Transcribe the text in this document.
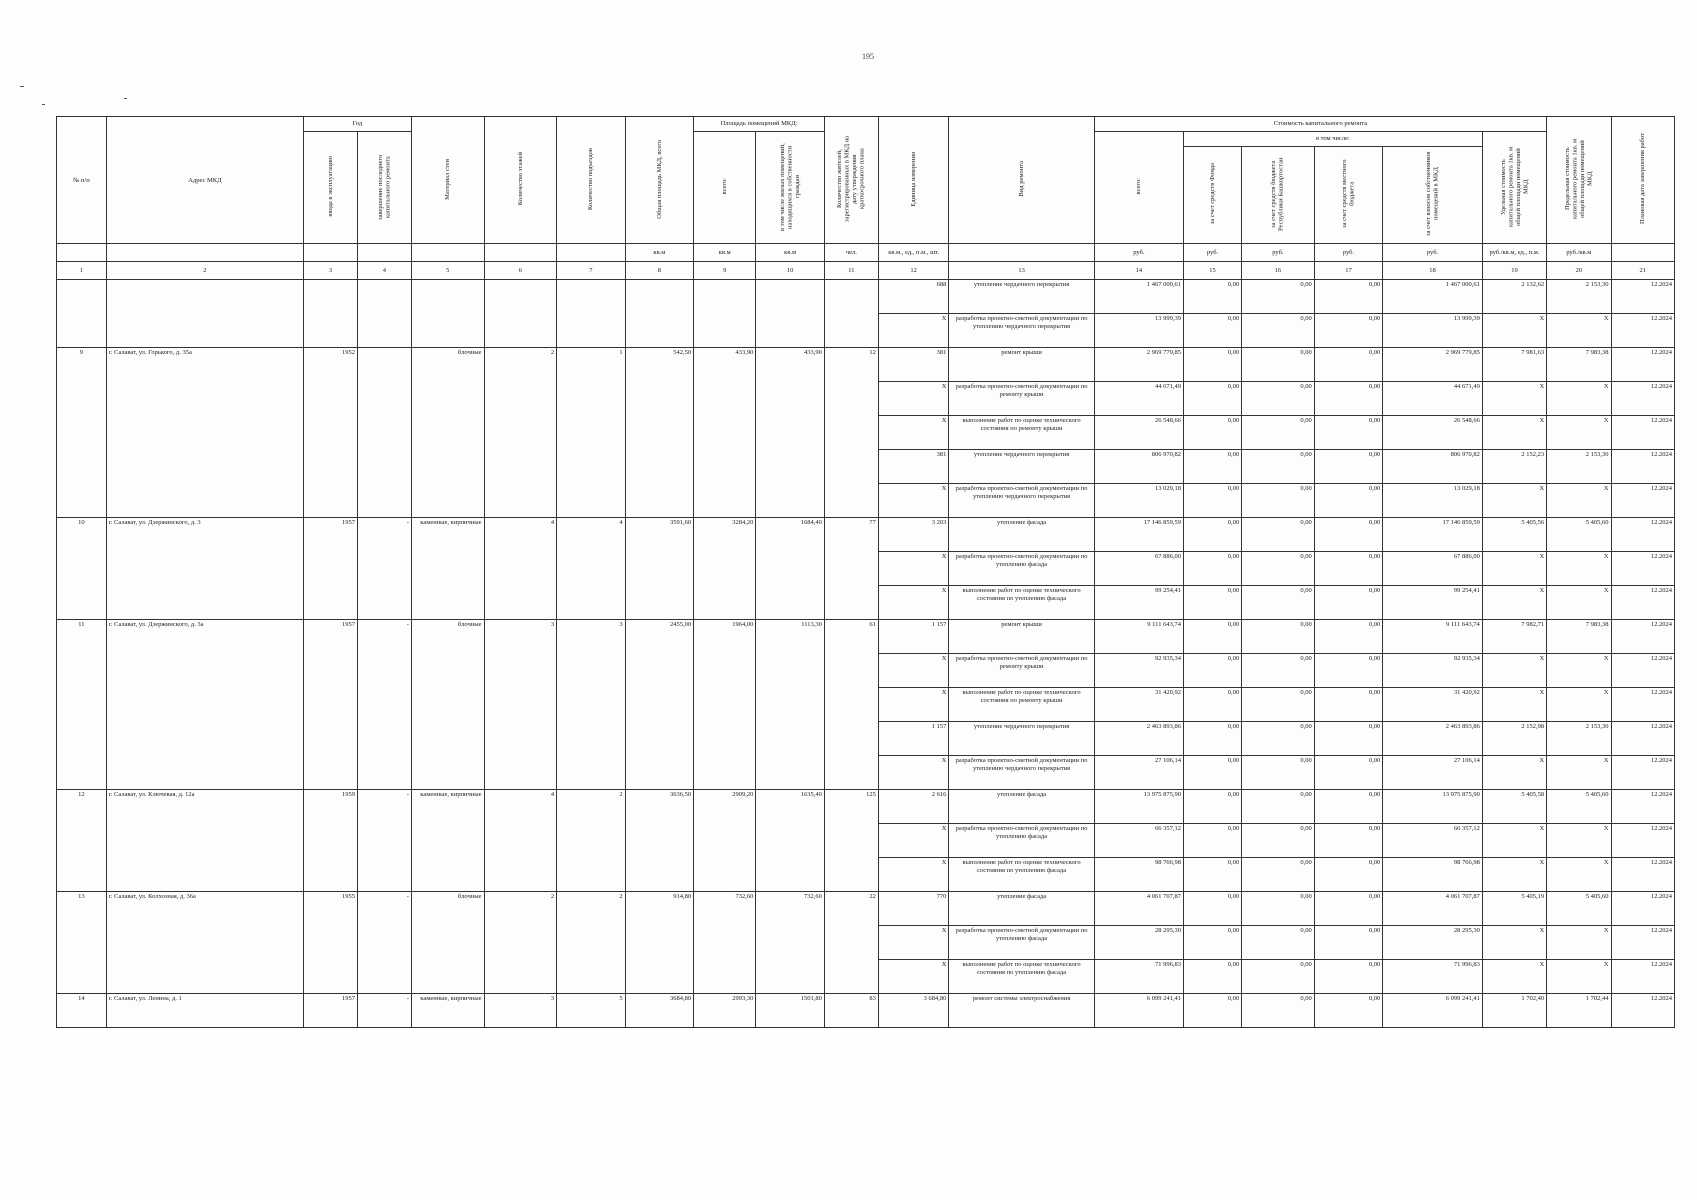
195
№ п/п	Адрес МКД	Год		Материал стен	Количество этажей	Количество подъездов	Общая площадь МКД, всего	Площадь помещений МКД:		Количество жителей, зарегистрированных в МКД на дату утверждения краткосрочного плана	Единица измерения	Вид ремонта	Стоимость капитального ремонта						Предельная стоимость капитального ремонта 1кв. м общей площади помещений МКД	Плановая дата завершения работ
		ввода в эксплуатацию	завершение последнего капитального ремонта					всего:	в том числе жилых помещений, находящихся в собственности граждан				всего:	в том числе:				Удельная стоимость капитального ремонта 1кв. м общей площади помещений МКД		
														за счет средств Фонда	за счет средств бюджета Республики Башкортостан	за счет средств местного бюджета	за счет взносов собственников помещений в МКД			
							кв.м	кв.м	кв.м	чел.	кв.м., ед., п.м., шт.		руб.	руб.	руб.	руб.	руб.	руб./кв.м, ед., п.м.	руб./кв.м	
1	2	3	4	5	6	7	8	9	10	11	12	13	14	15	16	17	18	19	20	21
											688	утепление чердачного перекрытия	1 467 000,61	0,00	0,00	0,00	1 467 000,61	2 132,62	2 153,30	12.2024
											X	разработка проектно-сметной документации по утеплению чердачного перекрытия	13 999,39	0,00	0,00	0,00	13 999,39	X	X	12.2024
9	г. Салават, ул. Горького, д. 35а	1952		блочные	2	1	542,50	433,90	433,90	12	381	ремонт крыши	2 969 779,85	0,00	0,00	0,00	2 969 779,85	7 981,63	7 983,38	12.2024
											X	разработка проектно-сметной документации по ремонту крыши	44 671,49	0,00	0,00	0,00	44 671,49	X	X	12.2024
											X	выполнение работ по оценке технического состояния по ремонту крыши	26 548,66	0,00	0,00	0,00	26 548,66	X	X	12.2024
											381	утепление чердачного перекрытия	806 970,82	0,00	0,00	0,00	806 970,82	2 152,23	2 153,30	12.2024
											X	разработка проектно-сметной документации по утеплению чердачного перекрытия	13 029,18	0,00	0,00	0,00	13 029,18	X	X	12.2024
10	г. Салават, ул. Дзержинского, д. 3	1957	-	каменные, кирпичные	4	4	3591,60	3284,20	1684,40	77	3 203	утепление фасада	17 146 859,59	0,00	0,00	0,00	17 146 859,59	5 405,56	5 405,60	12.2024
											X	разработка проектно-сметной документации по утеплению фасада	67 886,00	0,00	0,00	0,00	67 886,00	X	X	12.2024
											X	выполнение работ по оценке технического состояния по утеплению фасада	99 254,41	0,00	0,00	0,00	99 254,41	X	X	12.2024
11	г. Салават, ул. Дзержинского, д. 3а	1957	-	блочные	3	3	2455,00	1964,00	1113,30	61	1 157	ремонт крыши	9 111 643,74	0,00	0,00	0,00	9 111 643,74	7 982,71	7 983,38	12.2024
											X	разработка проектно-сметной документации по ремонту крыши	92 935,34	0,00	0,00	0,00	92 935,34	X	X	12.2024
											X	выполнение работ по оценке технического состояния по ремонту крыши	31 420,92	0,00	0,00	0,00	31 420,92	X	X	12.2024
											1 157	утепление чердачного перекрытия	2 463 893,86	0,00	0,00	0,00	2 463 893,86	2 152,98	2 153,30	12.2024
											X	разработка проектно-сметной документации по утеплению чердачного перекрытия	27 106,14	0,00	0,00	0,00	27 106,14	X	X	12.2024
12	г. Салават, ул. Ключевая, д. 12а	1959	-	каменные, кирпичные	4	2	3636,50	2909,20	1635,40	125	2 616	утепление фасада	13 975 875,90	0,00	0,00	0,00	13 975 875,90	5 405,58	5 405,60	12.2024
											X	разработка проектно-сметной документации по утеплению фасада	66 357,12	0,00	0,00	0,00	66 357,12	X	X	12.2024
											X	выполнение работ по оценке технического состояния по утеплению фасада	98 766,98	0,00	0,00	0,00	98 766,98	X	X	12.2024
13	г. Салават, ул. Колхозная, д. 36а	1955	-	блочные	2	2	914,80	732,60	732,60	22	770	утепление фасада	4 061 707,87	0,00	0,00	0,00	4 061 707,87	5 405,19	5 405,60	12.2024
											X	разработка проектно-сметной документации по утеплению фасада	28 295,30	0,00	0,00	0,00	28 295,30	X	X	12.2024
											X	выполнение работ по оценке технического состояния по утеплению фасада	71 996,83	0,00	0,00	0,00	71 996,83	X	X	12.2024
14	г. Салават, ул. Ленина, д. 1	1957	-	каменные, кирпичные	3	5	3684,80	2993,30	1501,80	83	3 684,80	ремонт системы электроснабжения	6 099 241,41	0,00	0,00	0,00	6 099 241,41	1 702,40	1 702,44	12.2024
